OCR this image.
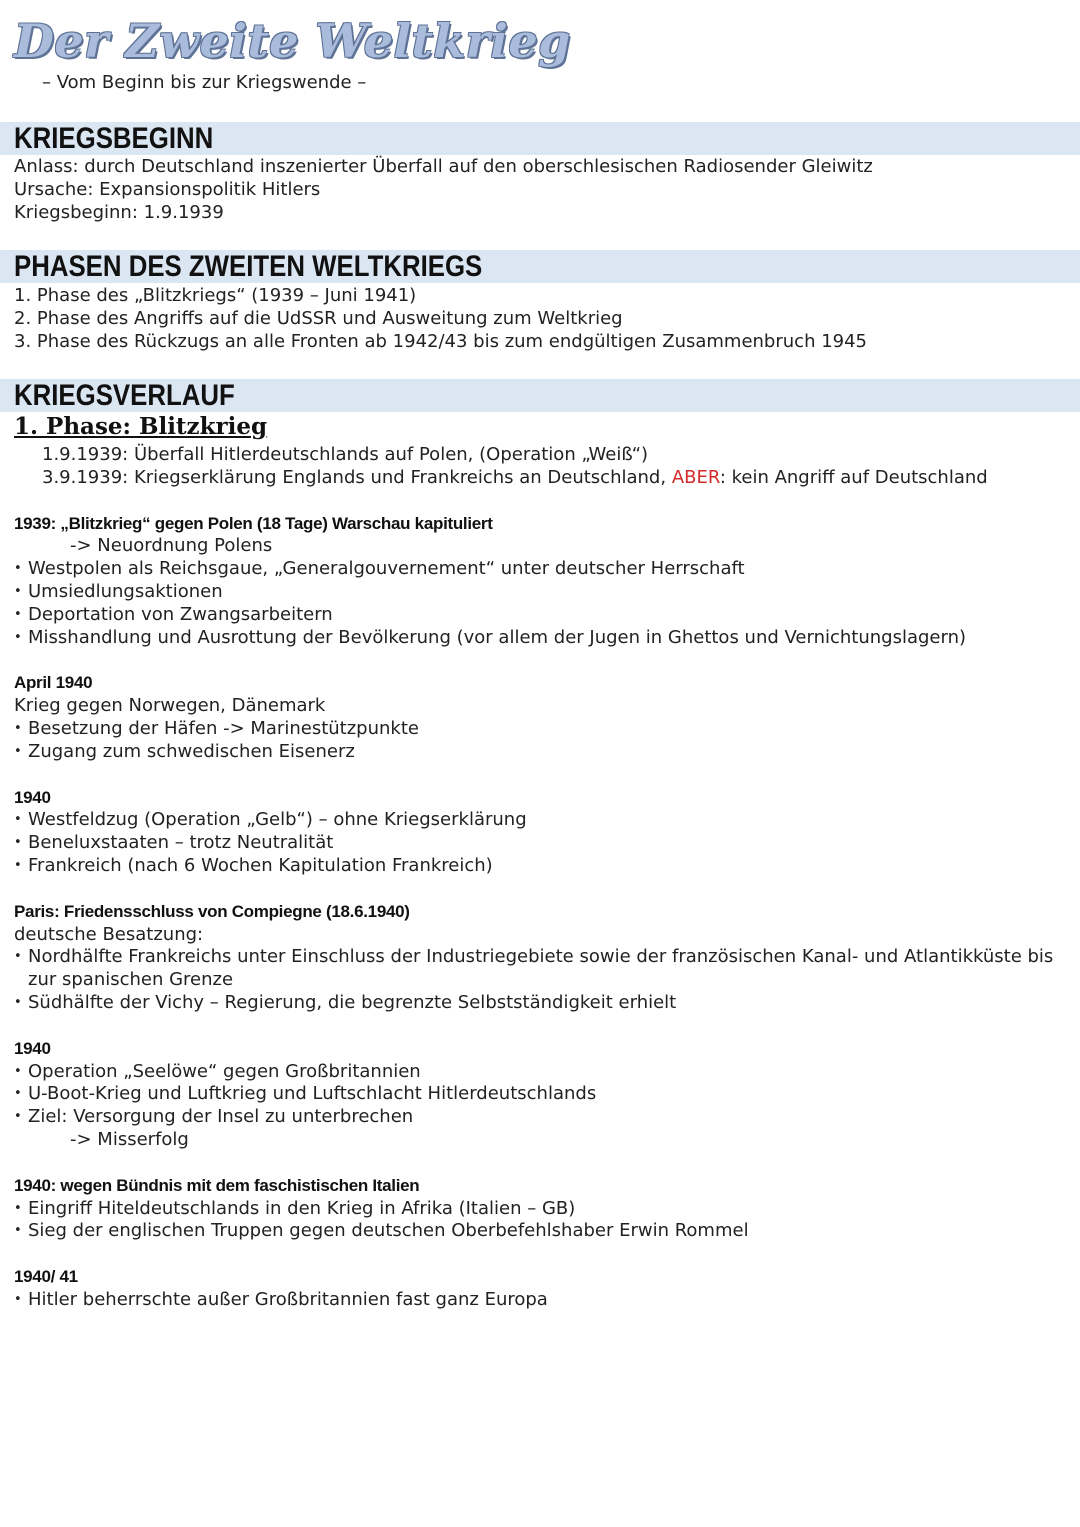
Der Zweite Weltkrieg
– Vom Beginn bis zur Kriegswende –
KRIEGSBEGINN
Anlass: durch Deutschland inszenierter Überfall auf den oberschlesischen Radiosender Gleiwitz
Ursache: Expansionspolitik Hitlers
Kriegsbeginn: 1.9.1939
PHASEN DES ZWEITEN WELTKRIEGS
1. Phase des „Blitzkriegs“ (1939 – Juni 1941)
2. Phase des Angriffs auf die UdSSR und Ausweitung zum Weltkrieg
3. Phase des Rückzugs an alle Fronten ab 1942/43 bis zum endgültigen Zusammenbruch 1945
KRIEGSVERLAUF
1. Phase: Blitzkrieg
1.9.1939: Überfall Hitlerdeutschlands auf Polen, (Operation „Weiß“)
3.9.1939: Kriegserklärung Englands und Frankreichs an Deutschland, ABER: kein Angriff auf Deutschland
1939: „Blitzkrieg“ gegen Polen (18 Tage) Warschau kapituliert
-> Neuordnung Polens
• Westpolen als Reichsgaue, „Generalgouvernement“ unter deutscher Herrschaft
• Umsiedlungsaktionen
• Deportation von Zwangsarbeitern
• Misshandlung und Ausrottung der Bevölkerung (vor allem der Jugen in Ghettos und Vernichtungslagern)
April 1940
Krieg gegen Norwegen, Dänemark
• Besetzung der Häfen -> Marinestützpunkte
• Zugang zum schwedischen Eisenerz
1940
• Westfeldzug (Operation „Gelb“) – ohne Kriegserklärung
• Beneluxstaaten – trotz Neutralität
• Frankreich (nach 6 Wochen Kapitulation Frankreich)
Paris: Friedensschluss von Compiegne (18.6.1940)
deutsche Besatzung:
• Nordhälfte Frankreichs unter Einschluss der Industriegebiete sowie der französischen Kanal- und Atlantikküste bis zur spanischen Grenze
• Südhälfte der Vichy – Regierung, die begrenzte Selbstständigkeit erhielt
1940
• Operation „Seelöwe“ gegen Großbritannien
• U-Boot-Krieg und Luftkrieg und Luftschlacht Hitlerdeutschlands
• Ziel: Versorgung der Insel zu unterbrechen
-> Misserfolg
1940: wegen Bündnis mit dem faschistischen Italien
• Eingriff Hiteldeutschlands in den Krieg in Afrika (Italien – GB)
• Sieg der englischen Truppen gegen deutschen Oberbefehlshaber Erwin Rommel
1940/ 41
• Hitler beherrschte außer Großbritannien fast ganz Europa
